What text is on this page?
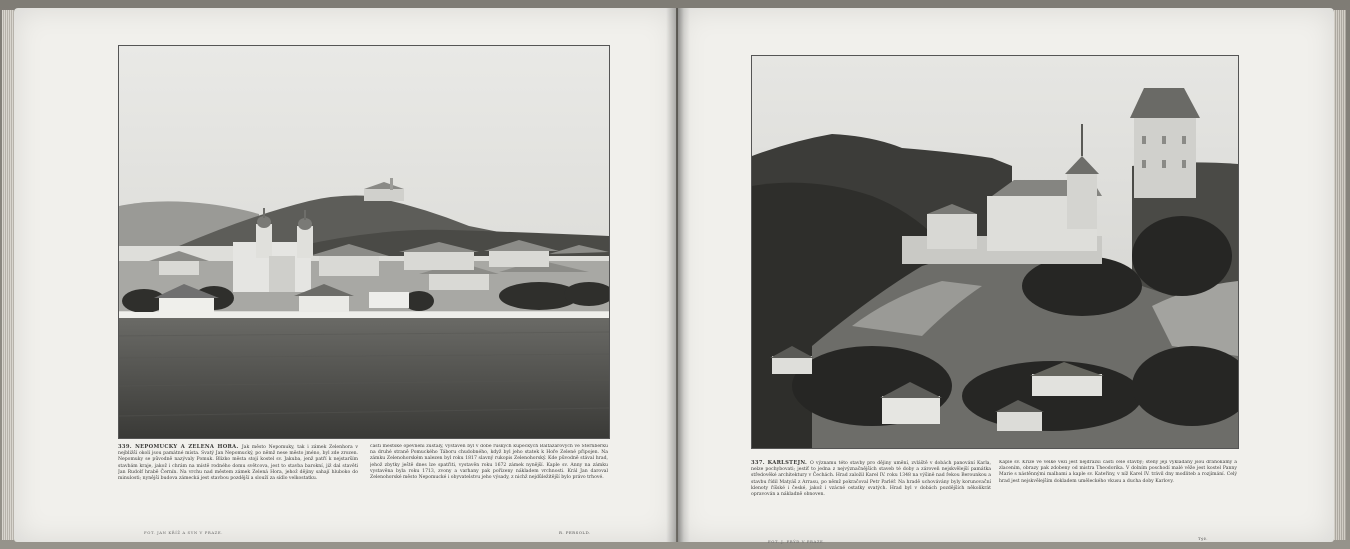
339. NEPOMUCKÝ A ZELENÁ HORA. Jak město Nepomuky, tak i zámek Zelenhora v nejbližší okolí jsou památné místa. Svatý Jan Nepomucký, po němž nese město jméno, byl zde zrozen. Nepomuky se původně nazývaly Pomuk. Blízko města stojí kostel sv. Jakuba, jenž patří k nejstarším stavbám kraje, jakož i chrám na místě rodného domu světcova, jest to stavba barokní, již dal stavěti Jan Rudolf hrabě Černín. Na vrchu nad městem zámek Zelená Hora, jehož dějiny sahají hluboko do minulosti; nynější budova zámecká jest stavbou pozdější a slouží za sídlo velkostatku.
části městské opevnění zůstaly, vystavěn byl v době ruských kupeckých Baltazarových ve Šternberku na druhé straně Pomuckého Táboru chudobného, když byl jeho statek k Hoře Zelené připojen. Na zámku Zelenohorském nalezen byl roku 1817 slavný rukopis Zelenohorský. Kde původně stával hrad, jehož zbytky ještě dnes lze spatřiti, vystavěn roku 1672 zámek nynější. Kaple sv. Anny na zámku vystavěna byla roku 1713, zvony a varhany pak pořízeny nákladem vrchnosti. Král Jan daroval Zelenohorské město Nepomucké i obyvatelstvu jeho výsady, z nichž nejdůležitější bylo právo trhové.
R. PERSOLD.
FOT. JAN KŘÍŽ A SYN V PRAZE.
337. KARLŠTEJN. O významu této stavby pro dějiny umění, zvláště v dobách panování Karla, nelze pochybovati; jestiť to jedna z nejvýznačnějších staveb té doby a zároveň nejskvělejší památka středověké architektury v Čechách. Hrad založil Karel IV. roku 1348 na výšině nad řekou Berounkou a stavbu řídil Matyáš z Arrasu, po němž pokračoval Petr Parléř. Na hradě uchovávány byly korunovační klenoty říšské i české, jakož i vzácné ostatky svatých. Hrad byl v dobách pozdějších několikrát opravován a nákladně obnoven.
Kaple sv. Kříže ve velké věži jest nejdražší částí celé stavby; stěny její vykládány jsou drahokamy a zlacením, obrazy pak zdobeny od mistra Theodorika. V dolním poschodí malé věže jest kostel Panny Marie s nástěnnými malbami a kaple sv. Kateřiny, v níž Karel IV. trávil dny modliteb a rozjímání. Celý hrad jest nejskvělejším dokladem uměleckého vkusu a ducha doby Karlovy.
Týž.
FOT. J. FRÝD V PRAZE.
